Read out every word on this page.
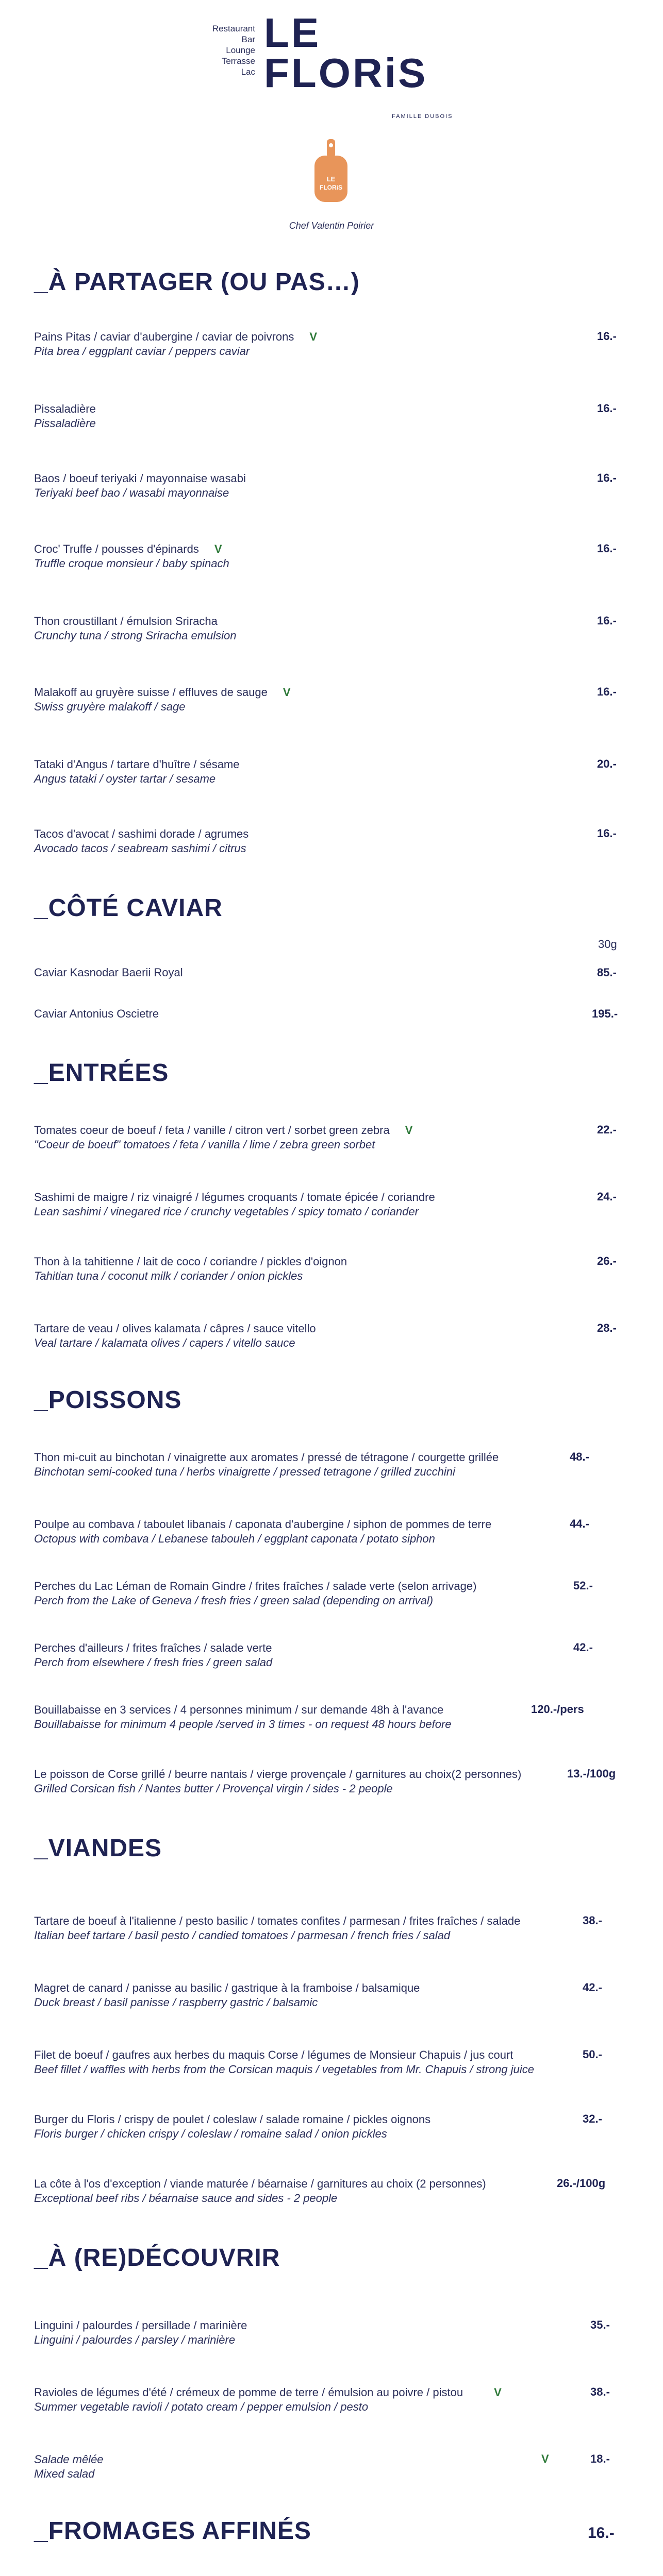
Restaurant
Bar
Lounge
Terrasse
Lac
LE
FLORiS
FAMILLE DUBOIS
LE
FLORiS
Chef Valentin Poirier
_À PARTAGER (OU PAS…)
Pains Pitas / caviar d'aubergine / caviar de poivrons V
Pita brea / eggplant caviar / peppers caviar
16.-
Pissaladière
Pissaladière
16.-
Baos / boeuf teriyaki / mayonnaise wasabi
Teriyaki beef bao / wasabi mayonnaise
16.-
Croc' Truffe / pousses d'épinards V
Truffle croque monsieur / baby spinach
16.-
Thon croustillant / émulsion Sriracha
Crunchy tuna / strong Sriracha emulsion
16.-
Malakoff au gruyère suisse / effluves de sauge V
Swiss gruyère malakoff / sage
16.-
Tataki d'Angus / tartare d'huître / sésame
Angus tataki / oyster tartar / sesame
20.-
Tacos d'avocat / sashimi dorade / agrumes
Avocado tacos / seabream sashimi / citrus
16.-
_CÔTÉ CAVIAR
30g
Caviar Kasnodar Baerii Royal	85.-
Caviar Antonius Oscietre	195.-
_ENTRÉES
Tomates coeur de boeuf / feta / vanille / citron vert / sorbet green zebra V
"Coeur de boeuf" tomatoes / feta / vanilla / lime / zebra green sorbet
22.-
Sashimi de maigre / riz vinaigré / légumes croquants / tomate épicée / coriandre
Lean sashimi / vinegared rice / crunchy vegetables / spicy tomato / coriander
24.-
Thon à la tahitienne / lait de coco / coriandre / pickles d'oignon
Tahitian tuna / coconut milk / coriander / onion pickles
26.-
Tartare de veau / olives kalamata / câpres / sauce vitello
Veal tartare / kalamata olives / capers / vitello sauce
28.-
_POISSONS
Thon mi-cuit au binchotan / vinaigrette aux aromates / pressé de tétragone / courgette grillée
Binchotan semi-cooked tuna / herbs vinaigrette / pressed tetragone / grilled zucchini
48.-
Poulpe au combava / taboulet libanais / caponata d'aubergine / siphon de pommes de terre
Octopus with combava / Lebanese tabouleh / eggplant caponata / potato siphon
44.-
Perches du Lac Léman de Romain Gindre / frites fraîches / salade verte (selon arrivage)
Perch from the Lake of Geneva / fresh fries / green salad (depending on arrival)
52.-
Perches d'ailleurs / frites fraîches / salade verte
Perch from elsewhere / fresh fries / green salad
42.-
Bouillabaisse en 3 services / 4 personnes minimum / sur demande 48h à l'avance
Bouillabaisse for minimum 4 people /served in 3 times - on request 48 hours before
120.-/pers
Le poisson de Corse grillé / beurre nantais / vierge provençale / garnitures au choix(2 personnes)
Grilled Corsican fish / Nantes butter / Provençal virgin / sides - 2 people
13.-/100g
_VIANDES
Tartare de boeuf à l'italienne / pesto basilic / tomates confites / parmesan / frites fraîches / salade
Italian beef tartare / basil pesto / candied tomatoes / parmesan / french fries / salad
38.-
Magret de canard / panisse au basilic / gastrique à la framboise / balsamique
Duck breast / basil panisse / raspberry gastric / balsamic
42.-
Filet de boeuf / gaufres aux herbes du maquis Corse / légumes de Monsieur Chapuis / jus court
Beef fillet / waffles with herbs from the Corsican maquis / vegetables from Mr. Chapuis / strong juice
50.-
Burger du Floris / crispy de poulet / coleslaw / salade romaine / pickles oignons
Floris burger / chicken crispy / coleslaw / romaine salad / onion pickles
32.-
La côte à l'os d'exception / viande maturée / béarnaise / garnitures au choix (2 personnes)
Exceptional beef ribs / béarnaise sauce and sides - 2 people
26.-/100g
_À (RE)DÉCOUVRIR
Linguini / palourdes / persillade / marinière
Linguini / palourdes / parsley / marinière
35.-
Ravioles de légumes d'été / crémeux de pomme de terre / émulsion au poivre / pistou	V
Summer vegetable ravioli / potato cream / pepper emulsion / pesto
38.-
Salade mêlée
Mixed salad
V	18.-
_FROMAGES AFFINÉS	16.-
